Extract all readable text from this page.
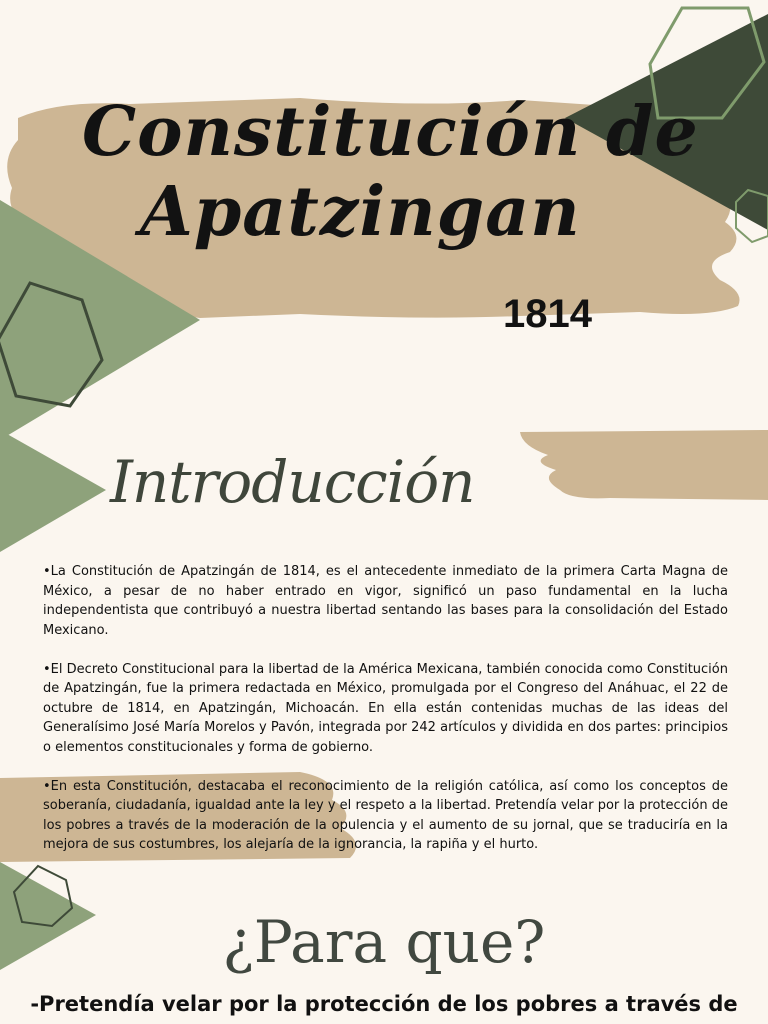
Constitución de
Apatzingan
1814
Introducción

•La Constitución de Apatzingán de 1814, es el antecedente inmediato de la primera Carta Magna de México, a pesar de no haber entrado en vigor, significó un paso fundamental en la lucha independentista que contribuyó a nuestra libertad sentando las bases para la consolidación del Estado Mexicano.

•El Decreto Constitucional para la libertad de la América Mexicana, también conocida como Constitución de Apatzingán, fue la primera redactada en México, promulgada por el Congreso del Anáhuac, el 22 de octubre de 1814, en Apatzingán, Michoacán. En ella están contenidas muchas de las ideas del Generalísimo José María Morelos y Pavón, integrada por 242 artículos y dividida en dos partes: principios o elementos constitucionales y forma de gobierno.

•En esta Constitución, destacaba el reconocimiento de la religión católica, así como los conceptos de soberanía, ciudadanía, igualdad ante la ley y el respeto a la libertad. Pretendía velar por la protección de los pobres a través de la moderación de la opulencia y el aumento de su jornal, que se traduciría en la mejora de sus costumbres, los alejaría de la ignorancia, la rapiña y el hurto.

¿Para que?
-Pretendía velar por la protección de los pobres a través de
